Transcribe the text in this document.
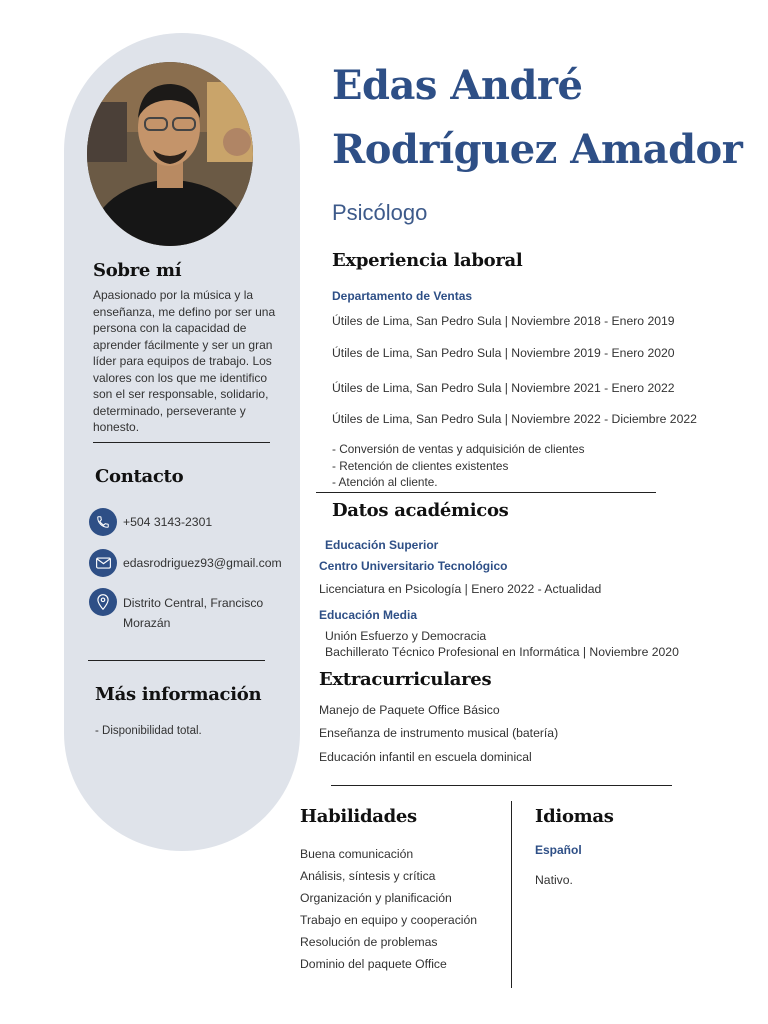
Sobre mí
Apasionado por la música y la enseñanza, me defino por ser una persona con la capacidad de aprender fácilmente y ser un gran líder para equipos de trabajo. Los valores con los que me identifico son el ser responsable, solidario, determinado, perseverante y honesto.
Contacto
+504 3143-2301
edasrodriguez93@gmail.com
Distrito Central, Francisco
Morazán
Más información
- Disponibilidad total.
Edas André
Rodríguez Amador
Psicólogo
Experiencia laboral
Departamento de Ventas
Útiles de Lima, San Pedro Sula | Noviembre 2018 - Enero 2019
Útiles de Lima, San Pedro Sula | Noviembre 2019 - Enero 2020
Útiles de Lima, San Pedro Sula | Noviembre 2021 - Enero 2022
Útiles de Lima, San Pedro Sula | Noviembre 2022 - Diciembre 2022
- Conversión de ventas y adquisición de clientes
- Retención de clientes existentes
- Atención al cliente.
Datos académicos
Educación Superior
Centro Universitario Tecnológico
Licenciatura en Psicología | Enero 2022 - Actualidad
Educación Media
Unión Esfuerzo y Democracia
Bachillerato Técnico Profesional en Informática | Noviembre 2020
Extracurriculares
Manejo de Paquete Office Básico
Enseñanza de instrumento musical (batería)
Educación infantil en escuela dominical
Habilidades
Buena comunicación
Análisis, síntesis y crítica
Organización y planificación
Trabajo en equipo y cooperación
Resolución de problemas
Dominio del paquete Office
Idiomas
Español
Nativo.
